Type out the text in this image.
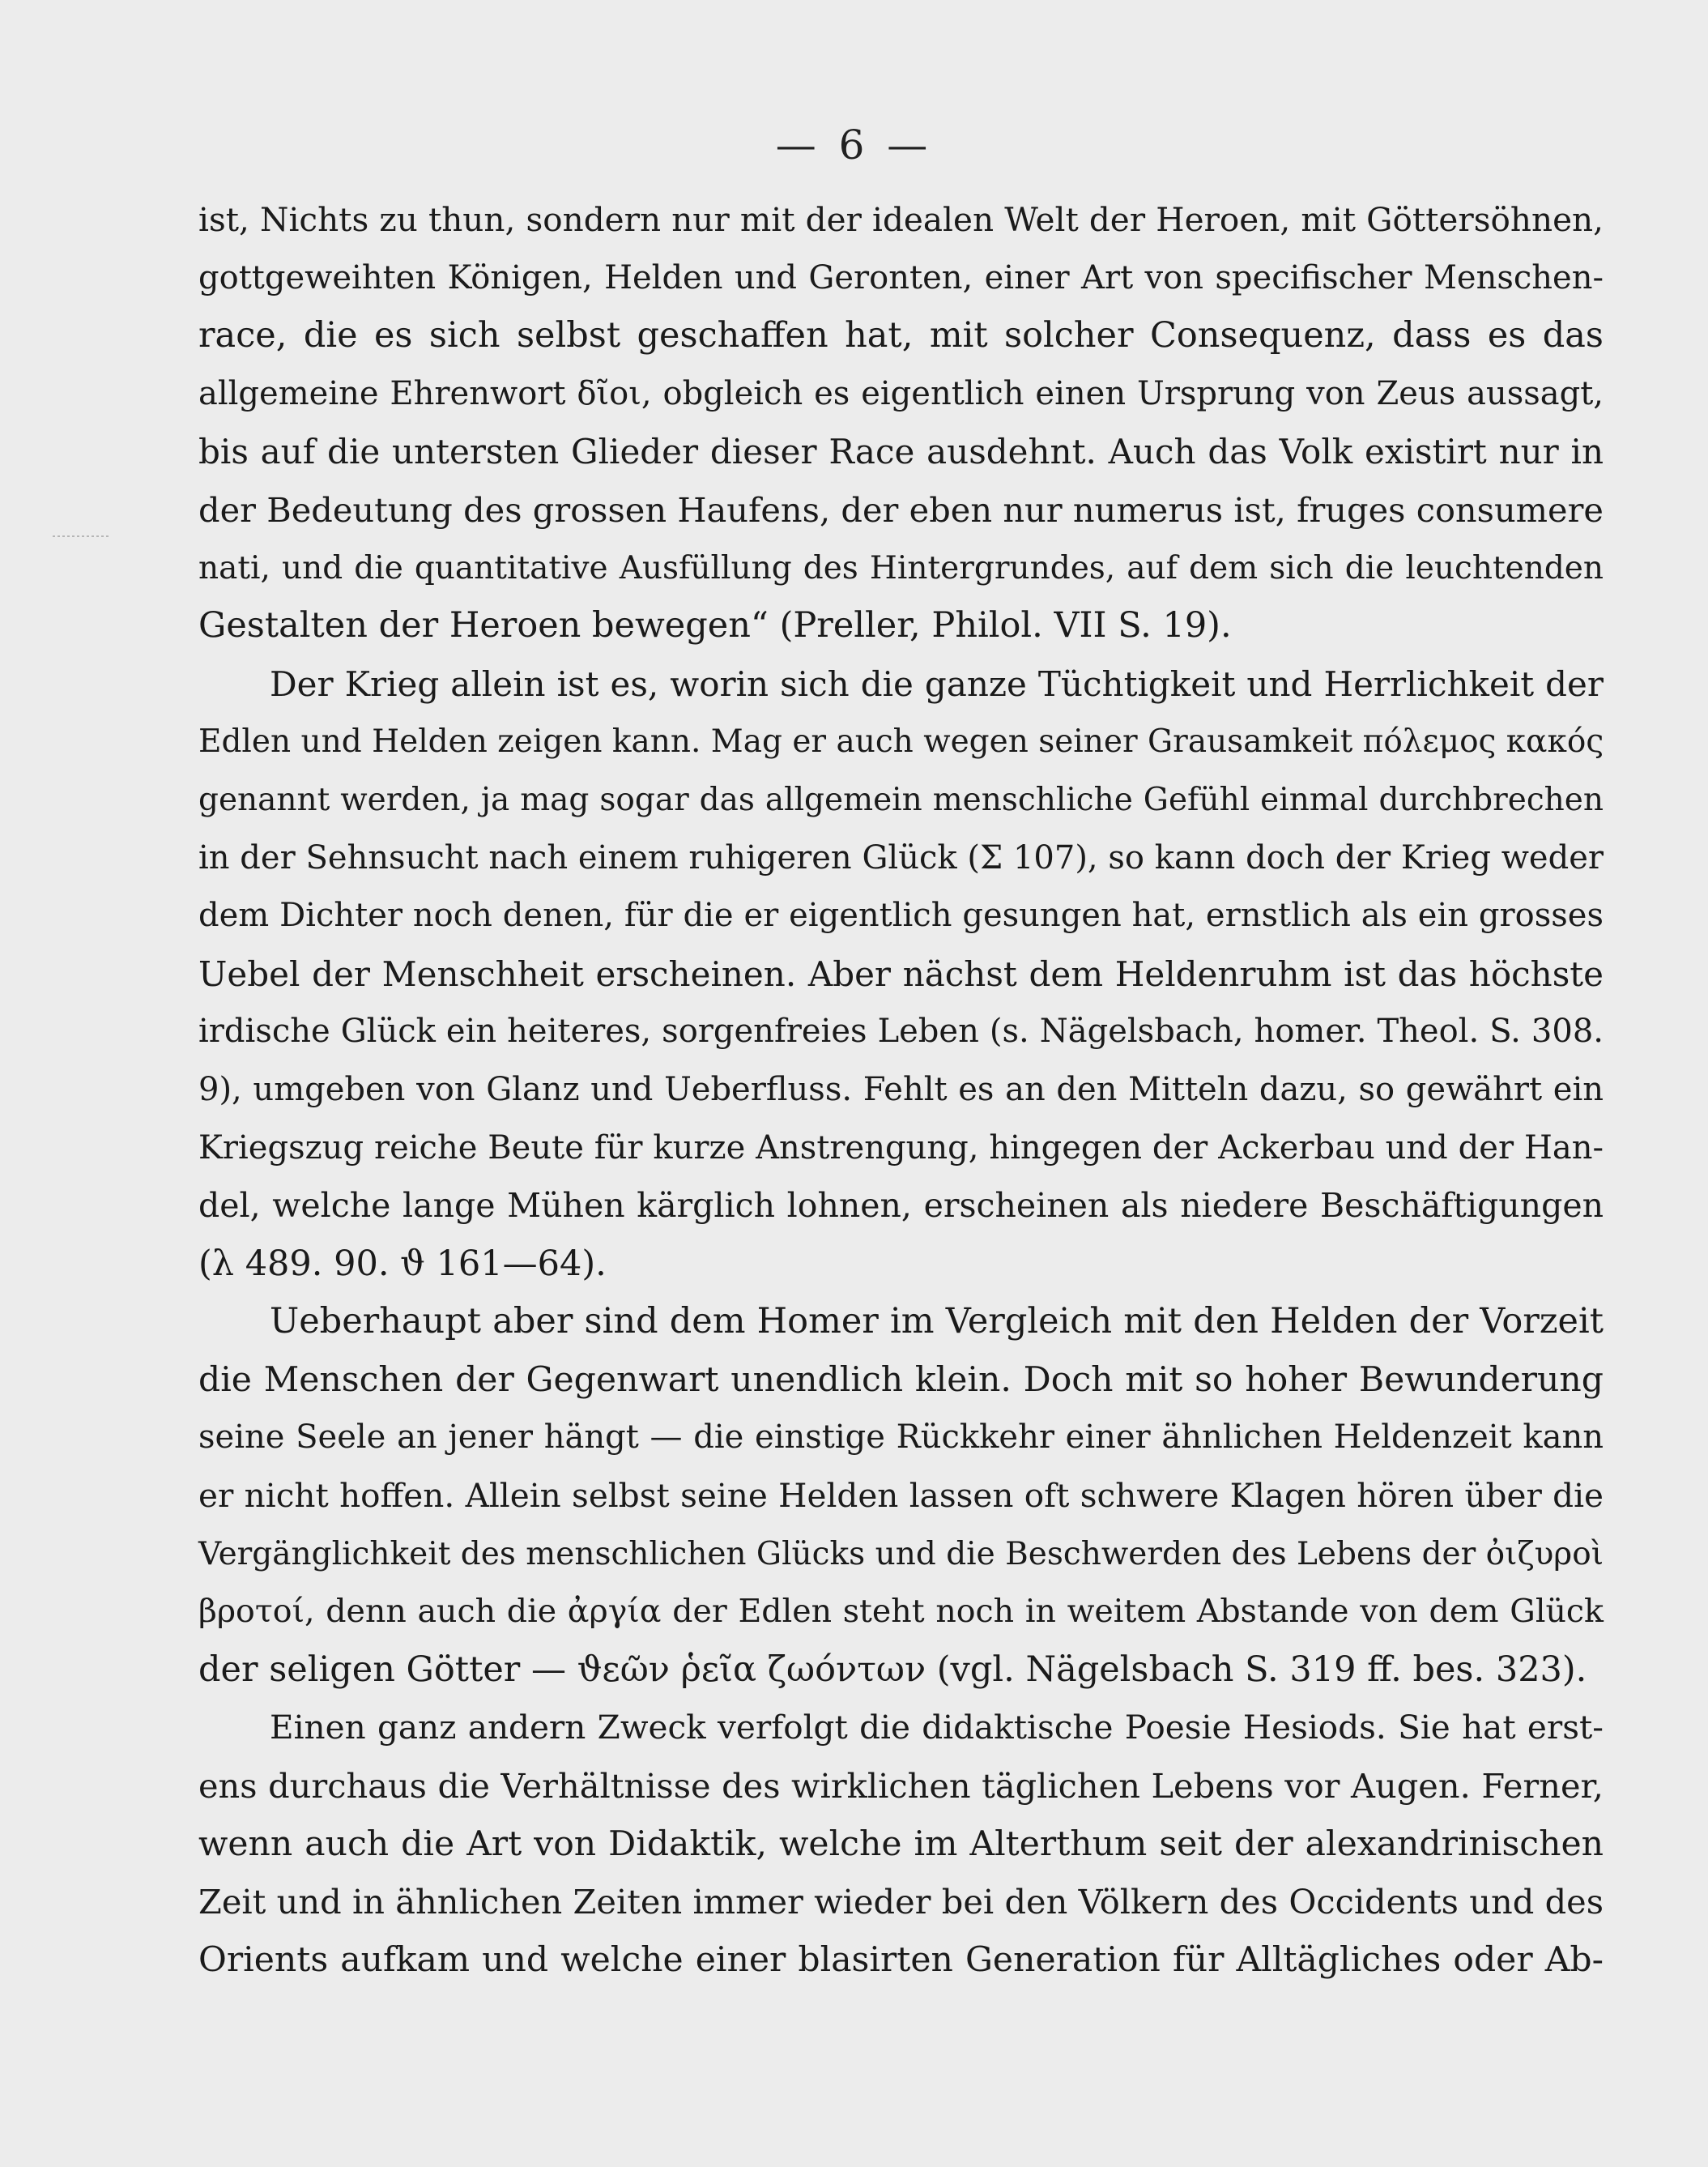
— 6 —
ist, Nichts zu thun, sondern nur mit der idealen Welt der Heroen, mit Göttersöhnen,
gottgeweihten Königen, Helden und Geronten, einer Art von specifischer Menschen-
race, die es sich selbst geschaffen hat, mit solcher Consequenz, dass es das
allgemeine Ehrenwort δῖοι, obgleich es eigentlich einen Ursprung von Zeus aussagt,
bis auf die untersten Glieder dieser Race ausdehnt. Auch das Volk existirt nur in
der Bedeutung des grossen Haufens, der eben nur numerus ist, fruges consumere
nati, und die quantitative Ausfüllung des Hintergrundes, auf dem sich die leuchtenden
Gestalten der Heroen bewegen“ (Preller, Philol. VII S. 19).
Der Krieg allein ist es, worin sich die ganze Tüchtigkeit und Herrlichkeit der
Edlen und Helden zeigen kann. Mag er auch wegen seiner Grausamkeit πόλεμος κακός
genannt werden, ja mag sogar das allgemein menschliche Gefühl einmal durchbrechen
in der Sehnsucht nach einem ruhigeren Glück (Σ 107), so kann doch der Krieg weder
dem Dichter noch denen, für die er eigentlich gesungen hat, ernstlich als ein grosses
Uebel der Menschheit erscheinen. Aber nächst dem Heldenruhm ist das höchste
irdische Glück ein heiteres, sorgenfreies Leben (s. Nägelsbach, homer. Theol. S. 308.
9), umgeben von Glanz und Ueberfluss. Fehlt es an den Mitteln dazu, so gewährt ein
Kriegszug reiche Beute für kurze Anstrengung, hingegen der Ackerbau und der Han-
del, welche lange Mühen kärglich lohnen, erscheinen als niedere Beschäftigungen
(λ 489. 90. ϑ 161—64).
Ueberhaupt aber sind dem Homer im Vergleich mit den Helden der Vorzeit
die Menschen der Gegenwart unendlich klein. Doch mit so hoher Bewunderung
seine Seele an jener hängt — die einstige Rückkehr einer ähnlichen Heldenzeit kann
er nicht hoffen. Allein selbst seine Helden lassen oft schwere Klagen hören über die
Vergänglichkeit des menschlichen Glücks und die Beschwerden des Lebens der ὀιζυροὶ
βροτοί, denn auch die ἀργία der Edlen steht noch in weitem Abstande von dem Glück
der seligen Götter — ϑεῶν ῥεῖα ζωόντων (vgl. Nägelsbach S. 319 ff. bes. 323).
Einen ganz andern Zweck verfolgt die didaktische Poesie Hesiods. Sie hat erst-
ens durchaus die Verhältnisse des wirklichen täglichen Lebens vor Augen. Ferner,
wenn auch die Art von Didaktik, welche im Alterthum seit der alexandrinischen
Zeit und in ähnlichen Zeiten immer wieder bei den Völkern des Occidents und des
Orients aufkam und welche einer blasirten Generation für Alltägliches oder Ab-
